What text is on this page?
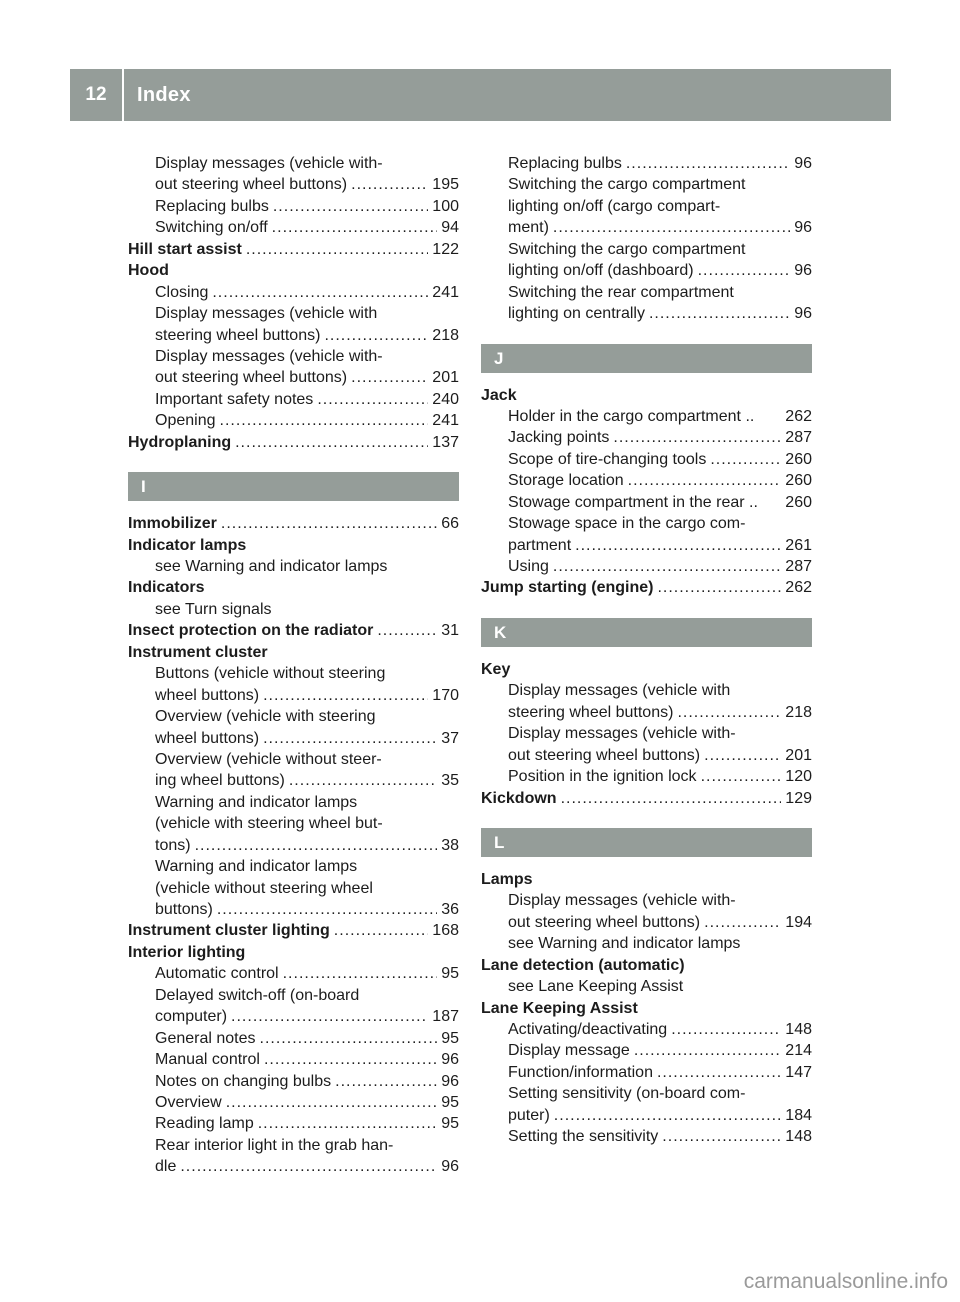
12	Index
Display messages (vehicle with-
out steering wheel buttons) .....	195
Replacing bulbs .....	100
Switching on/off .....	94
Hill start assist .....	122
Hood
Closing .....	241
Display messages (vehicle with
steering wheel buttons) .....	218
Display messages (vehicle with-
out steering wheel buttons) .....	201
Important safety notes .....	240
Opening .....	241
Hydroplaning .....	137
I
Immobilizer .....	66
Indicator lamps
see Warning and indicator lamps
Indicators
see Turn signals
Insect protection on the radiator .....	31
Instrument cluster
Buttons (vehicle without steering
wheel buttons) .....	170
Overview (vehicle with steering
wheel buttons) .....	37
Overview (vehicle without steer-
ing wheel buttons) .....	35
Warning and indicator lamps
(vehicle with steering wheel but-
tons) .....	38
Warning and indicator lamps
(vehicle without steering wheel
buttons) .....	36
Instrument cluster lighting .....	168
Interior lighting
Automatic control .....	95
Delayed switch-off (on-board
computer) .....	187
General notes .....	95
Manual control .....	96
Notes on changing bulbs .....	96
Overview .....	95
Reading lamp .....	95
Rear interior light in the grab han-
dle .....	96
Replacing bulbs .....	96
Switching the cargo compartment
lighting on/off (cargo compart-
ment) .....	96
Switching the cargo compartment
lighting on/off (dashboard) .....	96
Switching the rear compartment
lighting on centrally .....	96
J
Jack
Holder in the cargo compartment .. 262
Jacking points .....	287
Scope of tire-changing tools .....	260
Storage location .....	260
Stowage compartment in the rear .. 260
Stowage space in the cargo com-
partment .....	261
Using .....	287
Jump starting (engine) .....	262
K
Key
Display messages (vehicle with
steering wheel buttons) .....	218
Display messages (vehicle with-
out steering wheel buttons) .....	201
Position in the ignition lock .....	120
Kickdown .....	129
L
Lamps
Display messages (vehicle with-
out steering wheel buttons) .....	194
see Warning and indicator lamps
Lane detection (automatic)
see Lane Keeping Assist
Lane Keeping Assist
Activating/deactivating .....	148
Display message .....	214
Function/information .....	147
Setting sensitivity (on-board com-
puter) .....	184
Setting the sensitivity .....	148
carmanualsonline.info
